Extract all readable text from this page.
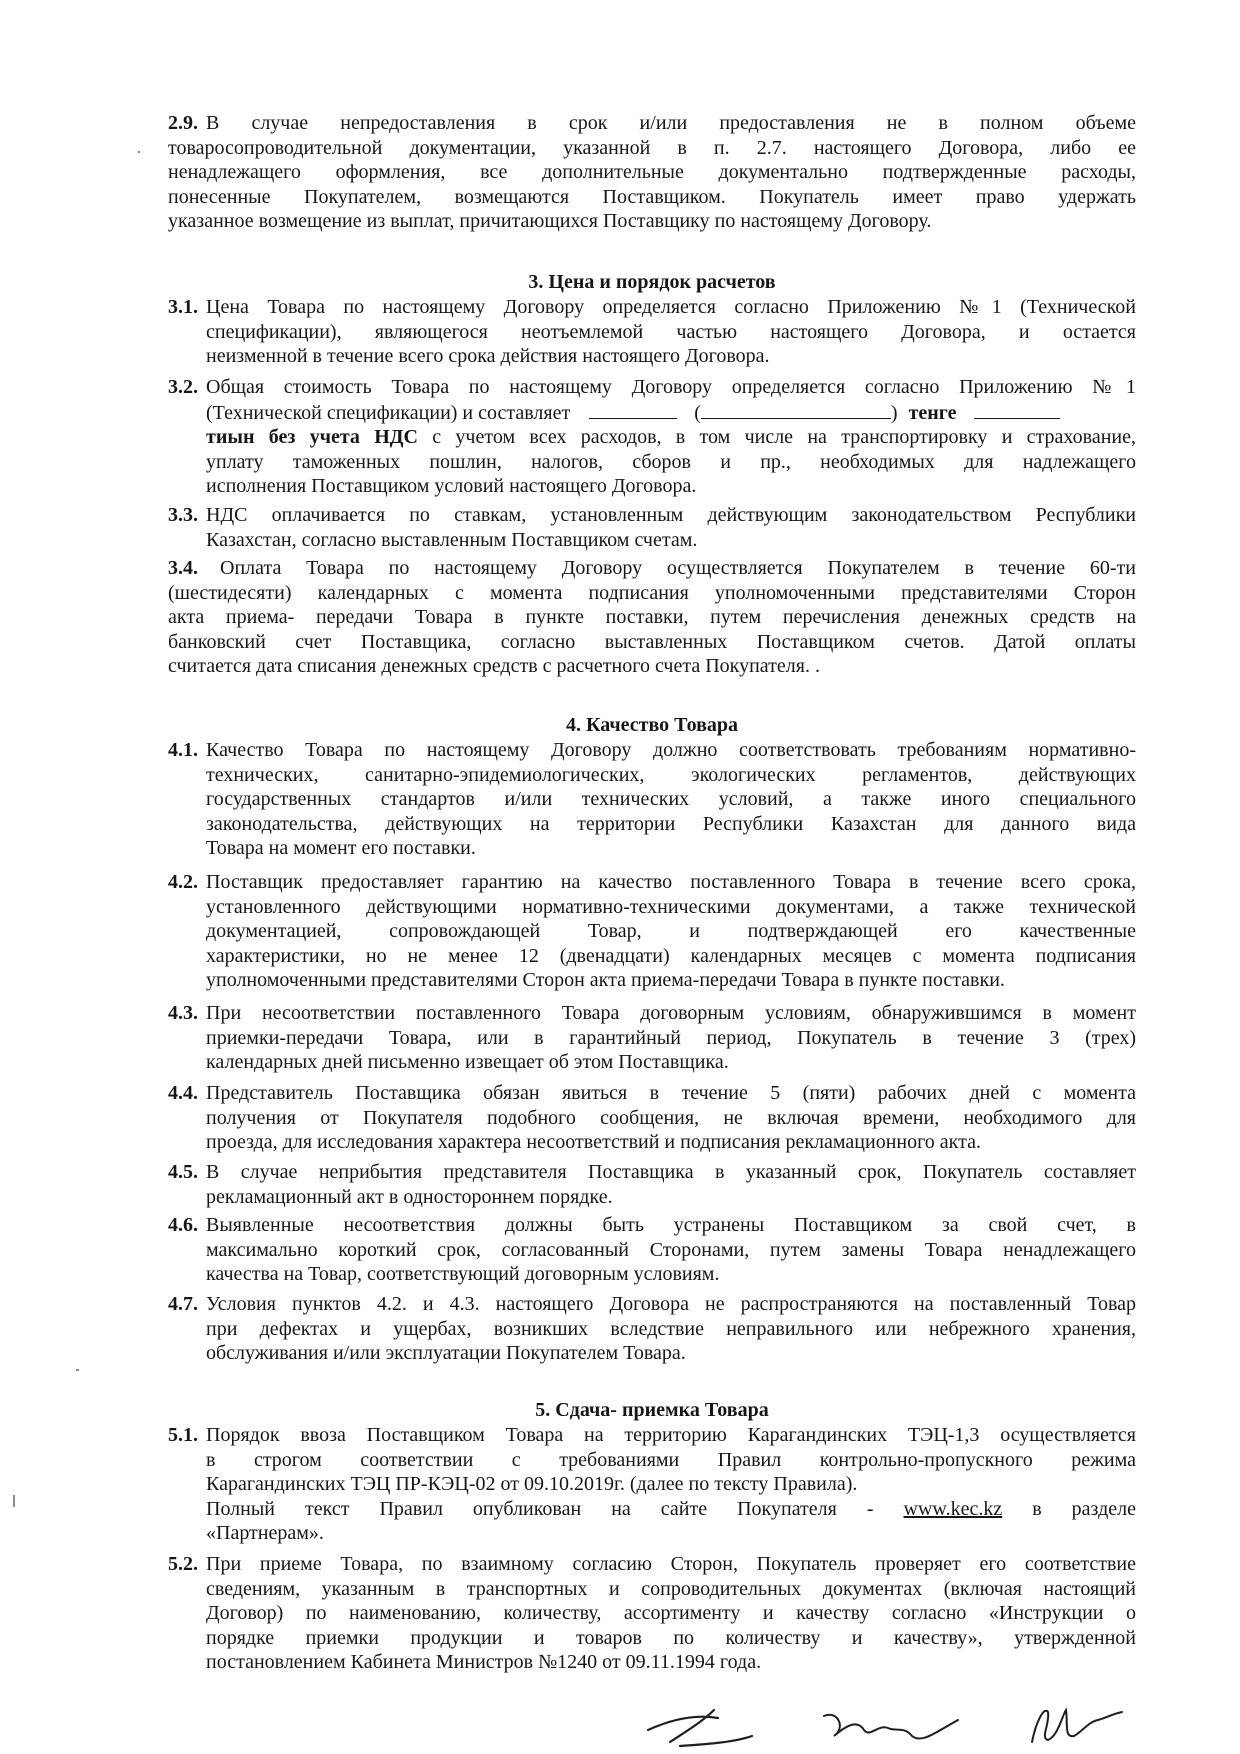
2.9. В случае непредоставления в срок и/или предоставления не в полном объеме

товаросопроводительной документации, указанной в п. 2.7. настоящего Договора, либо ее

ненадлежащего оформления, все дополнительные документально подтвержденные расходы,

понесенные Покупателем, возмещаются Поставщиком. Покупатель имеет право удержать

указанное возмещение из выплат, причитающихся Поставщику по настоящему Договору.

3. Цена и порядок расчетов

3.1. Цена Товара по настоящему Договору определяется согласно Приложению №1 (Технической

спецификации), являющегося неотъемлемой частью настоящего Договора, и остается

неизменной в течение всего срока действия настоящего Договора.

3.2. Общая стоимость Товара по настоящему Договору определяется согласно Приложению №1

(Технической спецификации) и составляет	(	) тенге

тиын без учета НДС с учетом всех расходов, в том числе на транспортировку и страхование,

уплату таможенных пошлин, налогов, сборов и пр., необходимых для надлежащего

исполнения Поставщиком условий настоящего Договора.

3.3. НДС оплачивается по ставкам, установленным действующим законодательством Республики

Казахстан, согласно выставленным Поставщиком счетам.

3.4. Оплата Товара по настоящему Договору осуществляется Покупателем в течение 60-ти

(шестидесяти) календарных с момента подписания уполномоченными представителями Сторон

акта приема- передачи Товара в пункте поставки, путем перечисления денежных средств на

банковский счет Поставщика, согласно выставленных Поставщиком счетов. Датой оплаты

считается дата списания денежных средств с расчетного счета Покупателя. .

4. Качество Товара

4.1. Качество Товара по настоящему Договору должно соответствовать требованиям нормативно-

технических, санитарно-эпидемиологических, экологических регламентов, действующих

государственных стандартов и/или технических условий, а также иного специального

законодательства, действующих на территории Республики Казахстан для данного вида

Товара на момент его поставки.

4.2. Поставщик предоставляет гарантию на качество поставленного Товара в течение всего срока,

установленного действующими нормативно-техническими документами, а также технической

документацией, сопровождающей Товар, и подтверждающей его качественные

характеристики, но не менее 12 (двенадцати) календарных месяцев с момента подписания

уполномоченными представителями Сторон акта приема-передачи Товара в пункте поставки.

4.3. При несоответствии поставленного Товара договорным условиям, обнаружившимся в момент

приемки-передачи Товара, или в гарантийный период, Покупатель в течение 3 (трех)

календарных дней письменно извещает об этом Поставщика.

4.4. Представитель Поставщика обязан явиться в течение 5 (пяти) рабочих дней с момента

получения от Покупателя подобного сообщения, не включая времени, необходимого для

проезда, для исследования характера несоответствий и подписания рекламационного акта.

4.5. В случае неприбытия представителя Поставщика в указанный срок, Покупатель составляет

рекламационный акт в одностороннем порядке.

4.6. Выявленные несоответствия должны быть устранены Поставщиком за свой счет, в

максимально короткий срок, согласованный Сторонами, путем замены Товара ненадлежащего

качества на Товар, соответствующий договорным условиям.

4.7. Условия пунктов 4.2. и 4.3. настоящего Договора не распространяются на поставленный Товар

при дефектах и ущербах, возникших вследствие неправильного или небрежного хранения,

обслуживания и/или эксплуатации Покупателем Товара.

5. Сдача- приемка Товара

5.1. Порядок ввоза Поставщиком Товара на территорию Карагандинских ТЭЦ-1,3 осуществляется

в строгом соответствии с требованиями Правил контрольно-пропускного режима

Карагандинских ТЭЦ ПР-КЭЦ-02 от 09.10.2019г. (далее по тексту Правила).

Полный текст Правил опубликован на сайте Покупателя - www.kec.kz в разделе

«Партнерам».

5.2. При приеме Товара, по взаимному согласию Сторон, Покупатель проверяет его соответствие

сведениям, указанным в транспортных и сопроводительных документах (включая настоящий

Договор) по наименованию, количеству, ассортименту и качеству согласно «Инструкции о

порядке приемки продукции и товаров по количеству и качеству», утвержденной

постановлением Кабинета Министров №1240 от 09.11.1994 года.
